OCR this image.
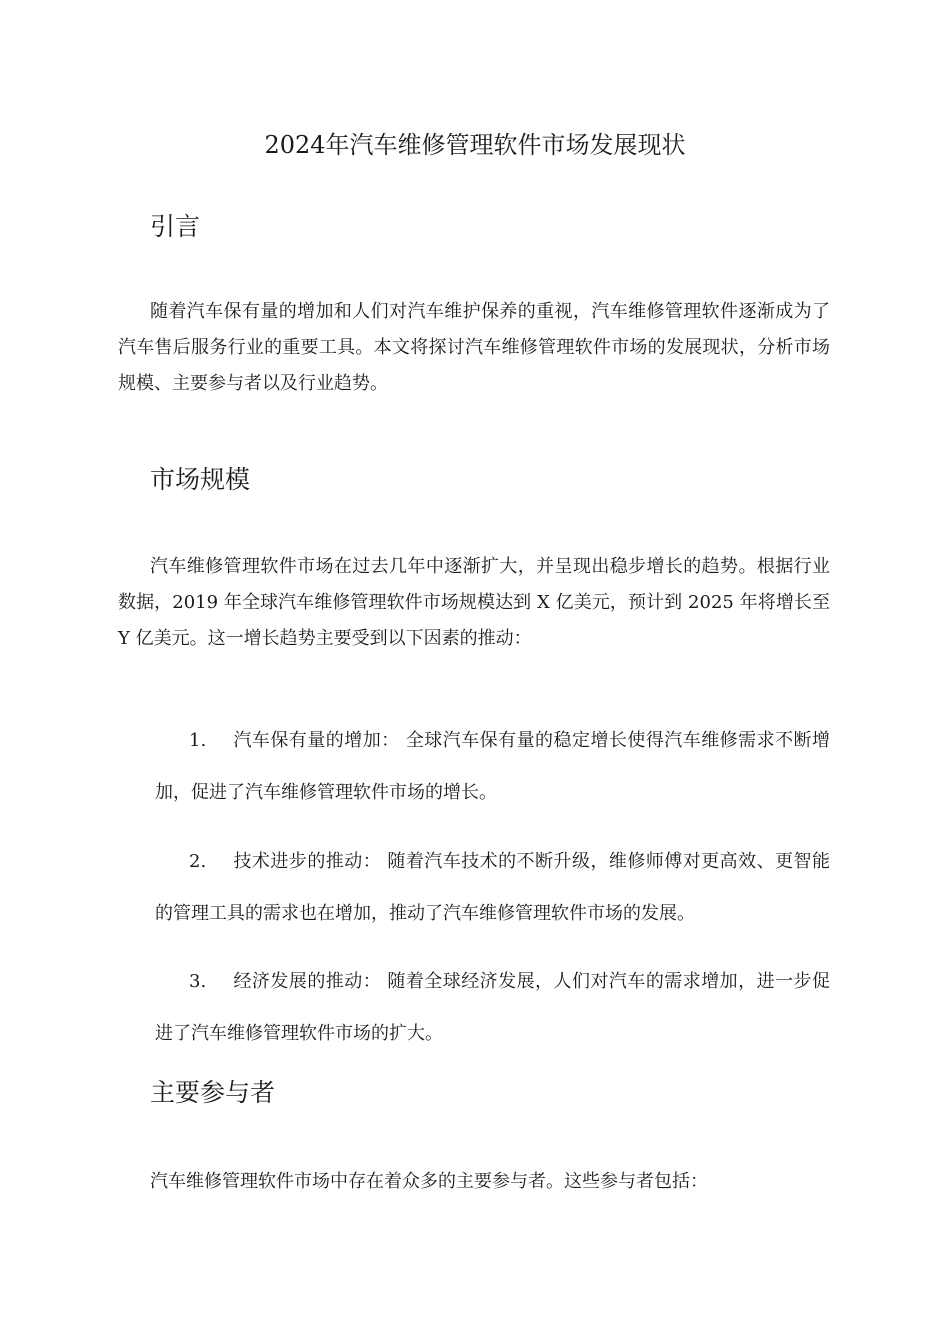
2024年汽车维修管理软件市场发展现状
引言

随着汽车保有量的增加和人们对汽车维护保养的重视，汽车维修管理软件逐渐成为了汽车售后服务行业的重要工具。本文将探讨汽车维修管理软件市场的发展现状，分析市场规模、主要参与者以及行业趋势。

市场规模

汽车维修管理软件市场在过去几年中逐渐扩大，并呈现出稳步增长的趋势。根据行业数据，2019 年全球汽车维修管理软件市场规模达到 X 亿美元，预计到 2025 年将增长至 Y 亿美元。这一增长趋势主要受到以下因素的推动：

1. 汽车保有量的增加： 全球汽车保有量的稳定增长使得汽车维修需求不断增加，促进了汽车维修管理软件市场的增长。

2. 技术进步的推动： 随着汽车技术的不断升级，维修师傅对更高效、更智能的管理工具的需求也在增加，推动了汽车维修管理软件市场的发展。

3. 经济发展的推动： 随着全球经济发展，人们对汽车的需求增加，进一步促进了汽车维修管理软件市场的扩大。

主要参与者

汽车维修管理软件市场中存在着众多的主要参与者。这些参与者包括：
